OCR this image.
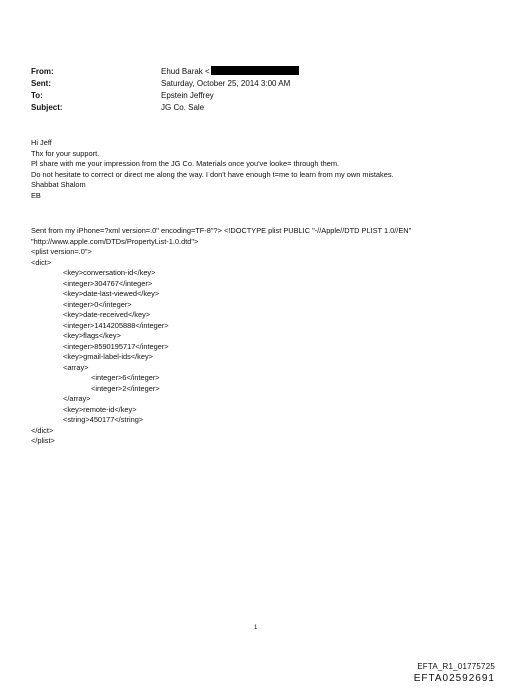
From:	Ehud Barak <
Sent:	Saturday, October 25, 2014 3:00 AM
To:	Epstein Jeffrey
Subject:	JG Co. Sale
Hi Jeff
Thx for your support.
Pl share with me your impression from the JG Co. Materials once you've looke= through them.
Do not hesitate to correct or direct me along the way. I don't have enough t=me to learn from my own mistakes.
Shabbat Shalom
EB
Sent from my iPhone=?xml version=.0" encoding=TF-8"?> <!DOCTYPE plist PUBLIC "-//Apple//DTD PLIST 1.0//EN"
"http://www.apple.com/DTDs/PropertyList-1.0.dtd">
<plist version=.0">
<dict>
<key>conversation-id</key>
<integer>304767</integer>
<key>date-last-viewed</key>
<integer>0</integer>
<key>date-received</key>
<integer>1414205888</integer>
<key>flags</key>
<integer>8590195717</integer>
<key>gmail-label-ids</key>
<array>
<integer>6</integer>
<integer>2</integer>
</array>
<key>remote-id</key>
<string>450177</string>
</dict>
</plist>
1
EFTA_R1_01775725
EFTA02592691
